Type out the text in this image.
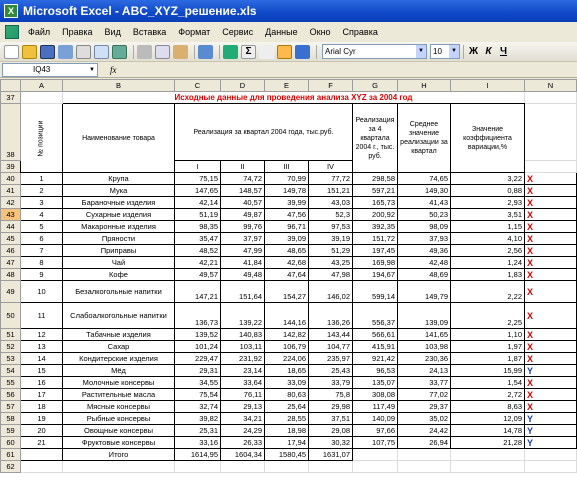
X Microsoft Excel - ABC_XYZ_решение.xls
Файл	Правка	Вид	Вставка	Формат	Сервис	Данные	Окно	Справка
Σ	Arial Cyr	▼	10	▼ Ж К Ч
IQ43	▼ fx
	A	B	C	D	E	F	G	H	I	N
37		Исходные данные для проведения анализа XYZ за 2004 год								
38	№ позиции	Наименование товара	Реализация за квартал 2004 года, тыс.руб.				Реализация за 4 квартала 2004 г., тыс. руб.	Среднее значение реализации за квартал	Значение коэффициента вариации,%	
39			I	II	III	IV				
40	1	Крупа	75,15	74,72	70,99	77,72	298,58	74,65	3,22	X
41	2	Мука	147,65	148,57	149,78	151,21	597,21	149,30	0,88	X
42	3	Бараночные изделия	42,14	40,57	39,99	43,03	165,73	41,43	2,93	X
43	4	Сухарные изделия	51,19	49,87	47,56	52,3	200,92	50,23	3,51	X
44	5	Макаронные изделия	98,35	99,76	96,71	97,53	392,35	98,09	1,15	X
45	6	Пряности	35,47	37,97	39,09	39,19	151,72	37,93	4,10	X
46	7	Приправы	48,52	47,99	48,65	51,29	197,45	49,36	2,56	X
47	8	Чай	42,21	41,84	42,68	43,25	169,98	42,48	1,24	X
48	9	Кофе	49,57	49,48	47,64	47,98	194,67	48,69	1,83	X
49	10	Безалкогольные напитки	147,21	151,64	154,27	146,02	599,14	149,79	2,22	X
50	11	Слабоалкогольные напитки	136,73	139,22	144,16	136,26	556,37	139,09	2,25	X
51	12	Табачные изделия	139,52	140,83	142,82	143,44	566,61	141,65	1,10	X
52	13	Сахар	101,24	103,11	106,79	104,77	415,91	103,98	1,97	X
53	14	Кондитерские изделия	229,47	231,92	224,06	235,97	921,42	230,36	1,87	X
54	15	Мёд	29,31	23,14	18,65	25,43	96,53	24,13	15,99	Y
55	16	Молочные консервы	34,55	33,64	33,09	33,79	135,07	33,77	1,54	X
56	17	Растительные масла	75,54	76,11	80,63	75,8	308,08	77,02	2,72	X
57	18	Мясные консервы	32,74	29,13	25,64	29,98	117,49	29,37	8,63	X
58	19	Рыбные консервы	39,82	34,21	28,55	37,51	140,09	35,02	12,09	Y
59	20	Овощные консервы	25,31	24,29	18,98	29,08	97,66	24,42	14,78	Y
60	21	Фруктовые консервы	33,16	26,33	17,94	30,32	107,75	26,94	21,28	Y
61		Итого	1614,95	1604,34	1580,45	1631,07				
62										
